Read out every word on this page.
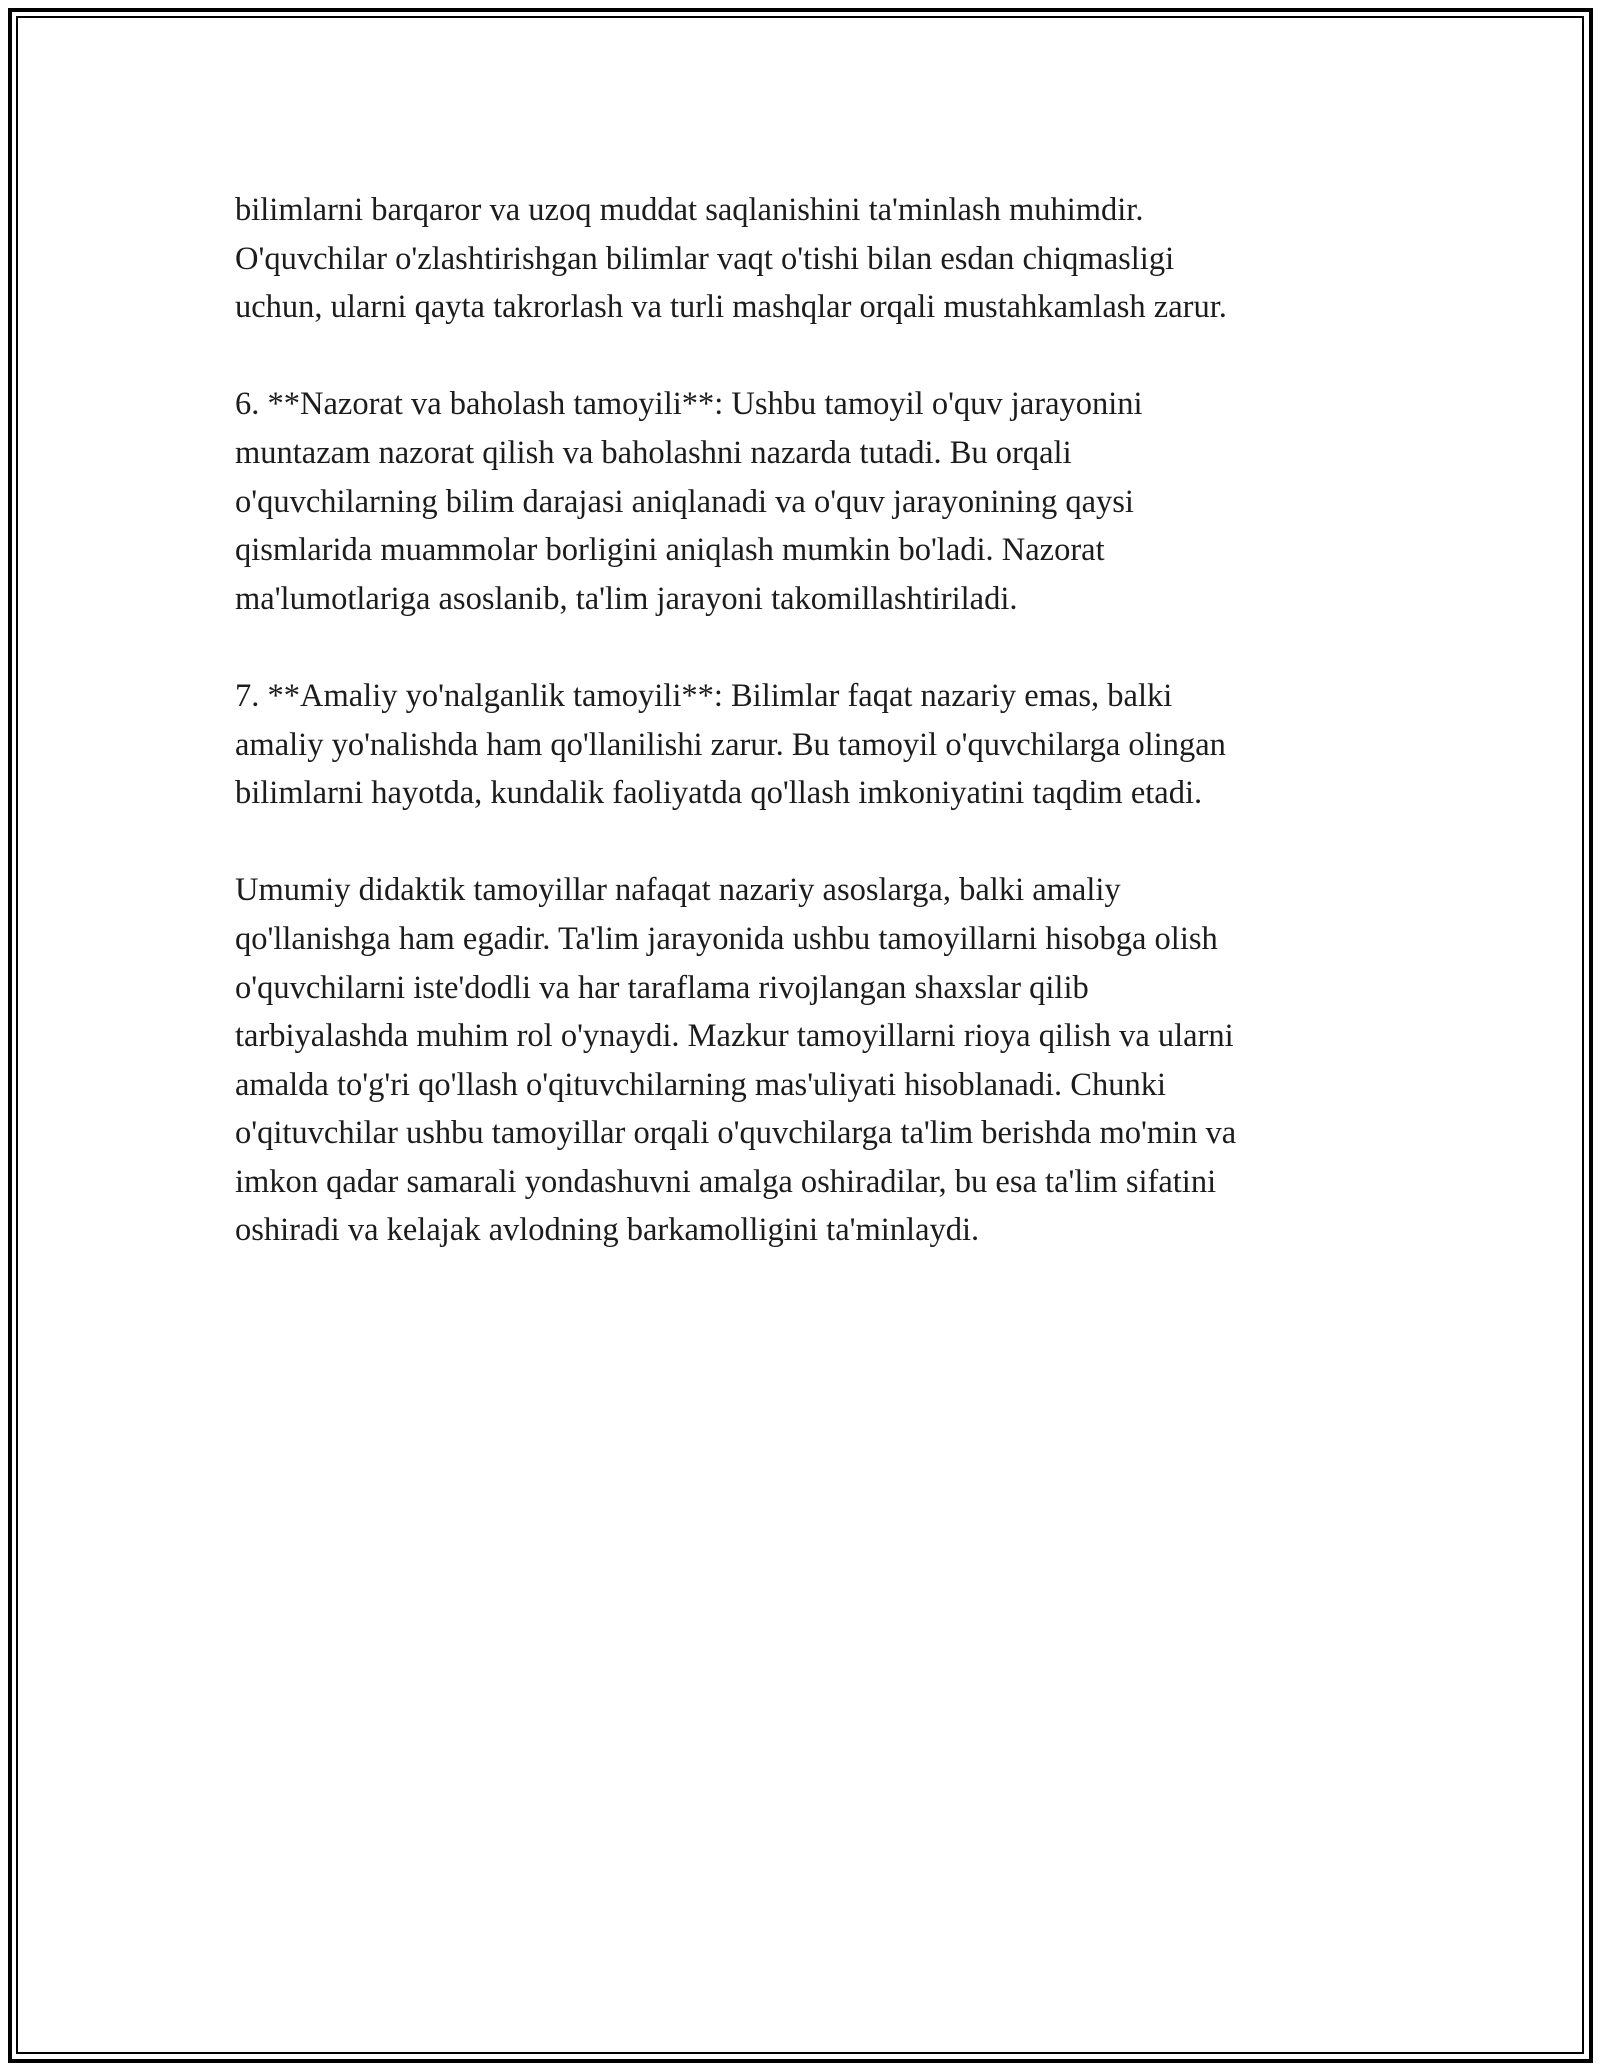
bilimlarni barqaror va uzoq muddat saqlanishini ta'minlash muhimdir.
O'quvchilar o'zlashtirishgan bilimlar vaqt o'tishi bilan esdan chiqmasligi
uchun, ularni qayta takrorlash va turli mashqlar orqali mustahkamlash zarur.

6. **Nazorat va baholash tamoyili**: Ushbu tamoyil o'quv jarayonini
muntazam nazorat qilish va baholashni nazarda tutadi. Bu orqali
o'quvchilarning bilim darajasi aniqlanadi va o'quv jarayonining qaysi
qismlarida muammolar borligini aniqlash mumkin bo'ladi. Nazorat
ma'lumotlariga asoslanib, ta'lim jarayoni takomillashtiriladi.

7. **Amaliy yo'nalganlik tamoyili**: Bilimlar faqat nazariy emas, balki
amaliy yo'nalishda ham qo'llanilishi zarur. Bu tamoyil o'quvchilarga olingan
bilimlarni hayotda, kundalik faoliyatda qo'llash imkoniyatini taqdim etadi.

Umumiy didaktik tamoyillar nafaqat nazariy asoslarga, balki amaliy
qo'llanishga ham egadir. Ta'lim jarayonida ushbu tamoyillarni hisobga olish
o'quvchilarni iste'dodli va har taraflama rivojlangan shaxslar qilib
tarbiyalashda muhim rol o'ynaydi. Mazkur tamoyillarni rioya qilish va ularni
amalda to'g'ri qo'llash o'qituvchilarning mas'uliyati hisoblanadi. Chunki
o'qituvchilar ushbu tamoyillar orqali o'quvchilarga ta'lim berishda mo'min va
imkon qadar samarali yondashuvni amalga oshiradilar, bu esa ta'lim sifatini
oshiradi va kelajak avlodning barkamolligini ta'minlaydi.
